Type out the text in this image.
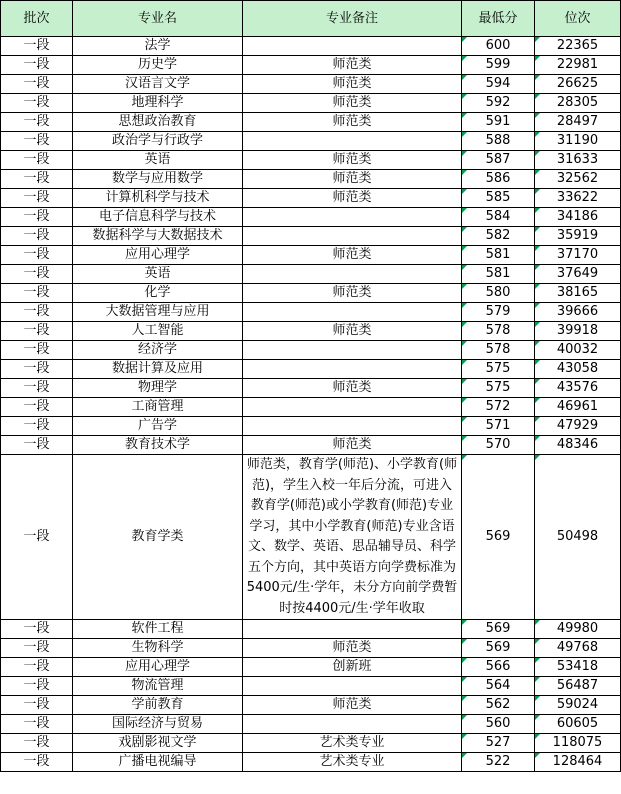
批次	专业名	专业备注	最低分	位次
一段	法学		600	22365
一段	历史学	师范类	599	22981
一段	汉语言文学	师范类	594	26625
一段	地理科学	师范类	592	28305
一段	思想政治教育	师范类	591	28497
一段	政治学与行政学		588	31190
一段	英语	师范类	587	31633
一段	数学与应用数学	师范类	586	32562
一段	计算机科学与技术	师范类	585	33622
一段	电子信息科学与技术		584	34186
一段	数据科学与大数据技术		582	35919
一段	应用心理学	师范类	581	37170
一段	英语		581	37649
一段	化学	师范类	580	38165
一段	大数据管理与应用		579	39666
一段	人工智能	师范类	578	39918
一段	经济学		578	40032
一段	数据计算及应用		575	43058
一段	物理学	师范类	575	43576
一段	工商管理		572	46961
一段	广告学		571	47929
一段	教育技术学	师范类	570	48346
一段	教育学类	师范类，教育学(师范)、小学教育(师范)，学生入校一年后分流，可进入教育学(师范)或小学教育(师范)专业学习，其中小学教育(师范)专业含语文、数学、英语、思品辅导员、科学五个方向，其中英语方向学费标准为5400元/生·学年，未分方向前学费暂时按4400元/生·学年收取	569	50498
一段	软件工程		569	49980
一段	生物科学	师范类	569	49768
一段	应用心理学	创新班	566	53418
一段	物流管理		564	56487
一段	学前教育	师范类	562	59024
一段	国际经济与贸易		560	60605
一段	戏剧影视文学	艺术类专业	527	118075
一段	广播电视编导	艺术类专业	522	128464
